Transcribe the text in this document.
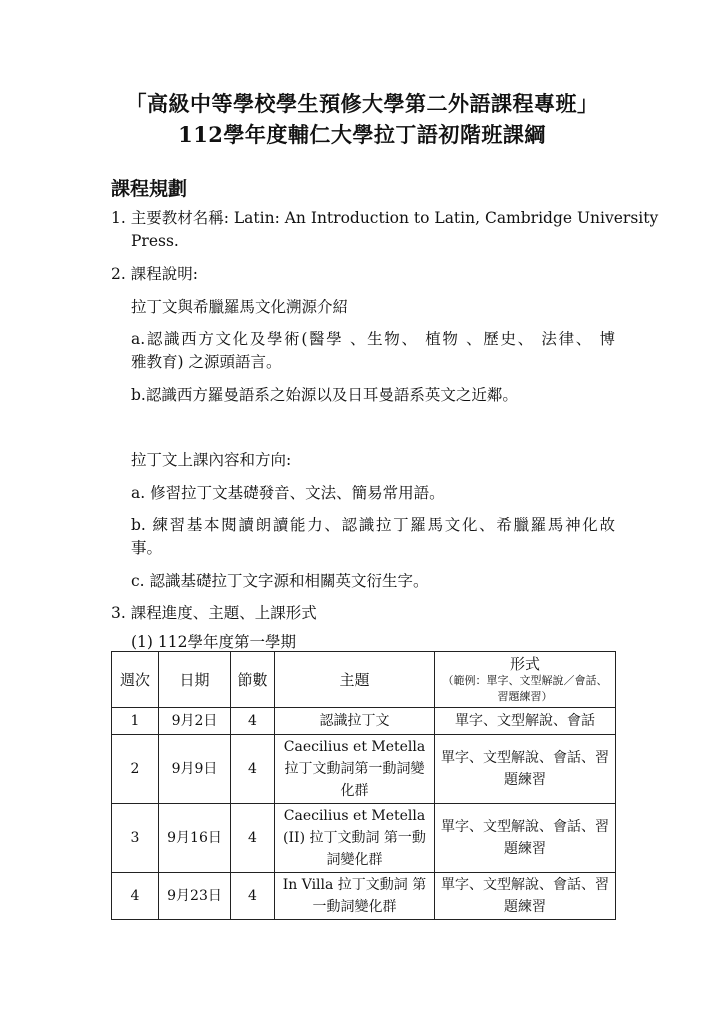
「高級中等學校學生預修大學第二外語課程專班」
112學年度輔仁大學拉丁語初階班課綱
課程規劃
1. 主要教材名稱: Latin: An Introduction to Latin, Cambridge University
Press.
2. 課程說明:
拉丁文與希臘羅馬文化溯源介紹
a.認識西方文化及學術(醫學 、生物、 植物 、歷史、 法律、 博
雅教育) 之源頭語言。
b.認識西方羅曼語系之始源以及日耳曼語系英文之近鄰。
拉丁文上課內容和方向:
a. 修習拉丁文基礎發音、文法、簡易常用語。
b. 練習基本閱讀朗讀能力、認識拉丁羅馬文化、希臘羅馬神化故
事。
c. 認識基礎拉丁文字源和相關英文衍生字。
3. 課程進度、主題、上課形式
(1) 112學年度第一學期
週次	日期	節數	主題	形式
（範例：單字、文型解說／會話、習題練習）

1	9月2日	4	認識拉丁文	單字、文型解說、會話
2	9月9日	4	Caecilius et Metella 拉丁文動詞第一動詞變化群	單字、文型解說、會話、習題練習
3	9月16日	4	Caecilius et Metella (II) 拉丁文動詞 第一動詞變化群	單字、文型解說、會話、習題練習
4	9月23日	4	In Villa 拉丁文動詞 第一動詞變化群	單字、文型解說、會話、習題練習
